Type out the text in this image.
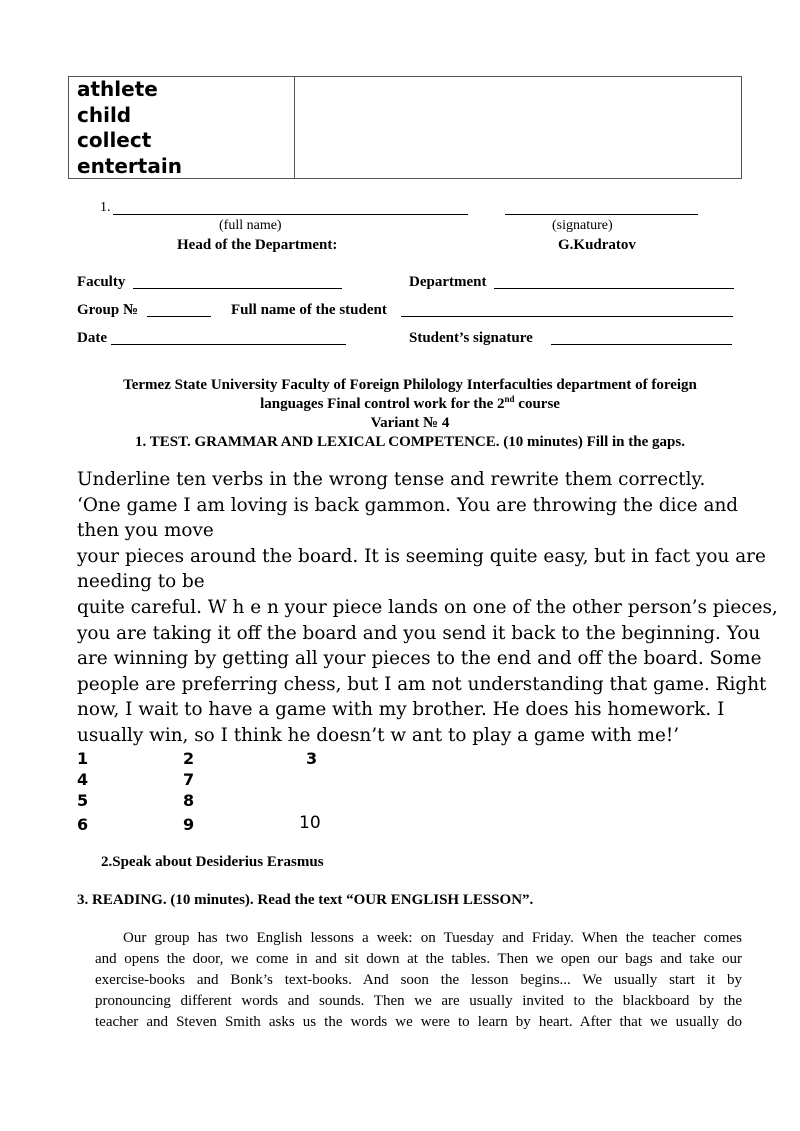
athlete
child
collect
entertain
1.
(full name)	(signature)
Head of the Department:	G.Kudratov
Faculty	Department
Group №	Full name of the student
Date	Student’s signature
Termez State University Faculty of Foreign Philology Interfaculties department of foreign
languages Final control work for the 2nd course
Variant № 4
1. TEST. GRAMMAR AND LEXICAL COMPETENCE. (10 minutes) Fill in the gaps.
Underline ten verbs in the wrong tense and rewrite them correctly.
‘One game I am loving is back gammon. You are throwing the dice and
then you move
your pieces around the board. It is seeming quite easy, but in fact you are
needing to be
quite careful. W h e n your piece lands on one of the other person’s pieces,
you are taking it off the board and you send it back to the beginning. You
are winning by getting all your pieces to the end and off the board. Some
people are preferring chess, but I am not understanding that game. Right
now, I wait to have a game with my brother. He does his homework. I
usually win, so I think he doesn’t w ant to play a game with me!’
1	2	3
4	7
5	8
6	9	10
2.Speak about Desiderius Erasmus
3. READING. (10 minutes). Read the text “OUR ENGLISH LESSON”.
Our group has two English lessons a week: on Tuesday and Friday. When the teacher comes
and opens the door, we come in and sit down at the tables. Then we open our bags and take our
exercise-books and Bonk’s text-books. And soon the lesson begins... We usually start it by
pronouncing different words and sounds. Then we are usually invited to the blackboard by the
teacher and Steven Smith asks us the words we were to learn by heart. After that we usually do
